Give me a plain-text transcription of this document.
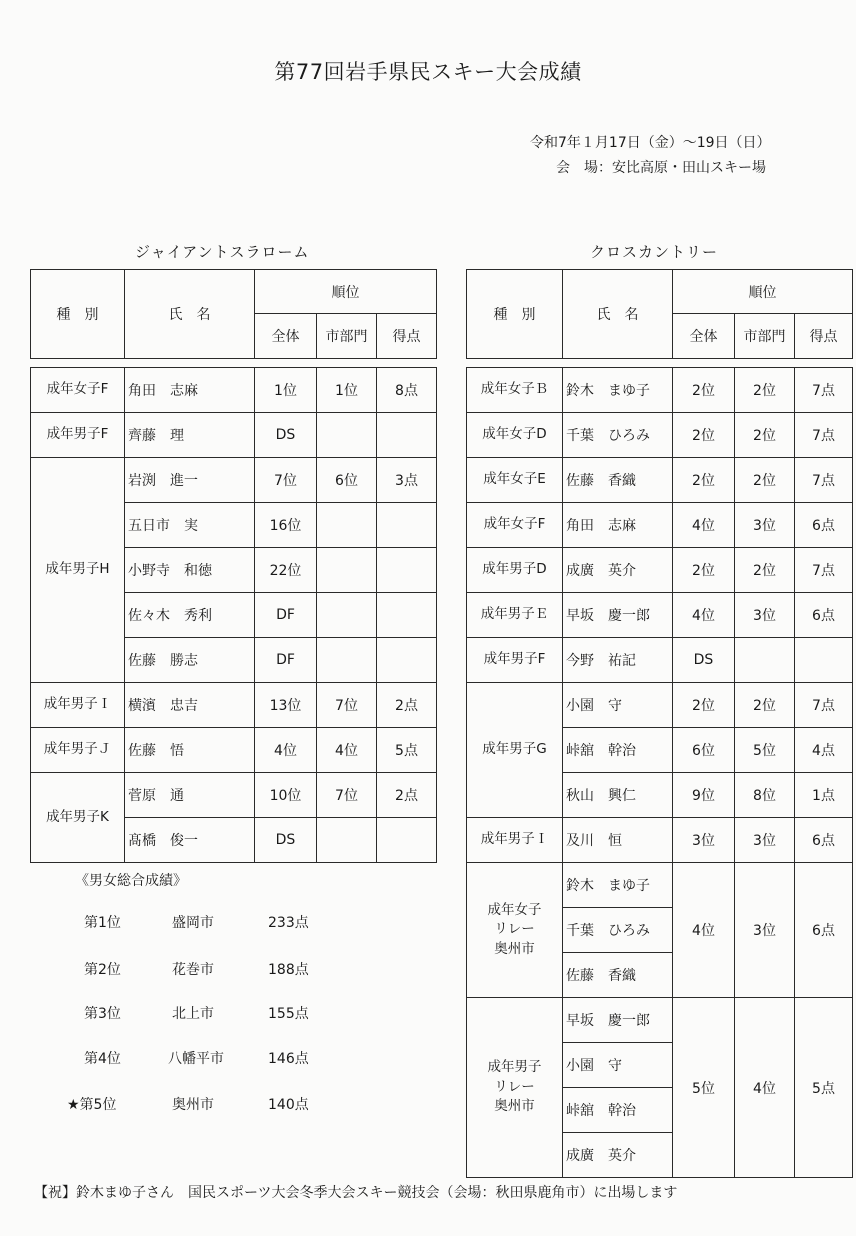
第77回岩手県民スキー大会成績
令和7年１月17日（金）～19日（日）
会　場：安比高原・田山スキー場
ジャイアントスラローム
種　別	氏　名	順位		
		全体	市部門	得点

成年女子F	角田　志麻	1位	1位	8点
成年男子F	齊藤　理	DS		
成年男子H	岩渕　進一	7位	6位	3点
	五日市　実	16位		
	小野寺　和徳	22位		
	佐々木　秀利	DF		
	佐藤　勝志	DF		
成年男子Ｉ	横濱　忠吉	13位	7位	2点
成年男子Ｊ	佐藤　悟	4位	4位	5点
成年男子K	菅原　通	10位	7位	2点
	髙橋　俊一	DS		
クロスカントリー
種　別	氏　名	順位		
		全体	市部門	得点

成年女子Ｂ	鈴木　まゆ子	2位	2位	7点
成年女子D	千葉　ひろみ	2位	2位	7点
成年女子E	佐藤　香織	2位	2位	7点
成年女子F	角田　志麻	4位	3位	6点
成年男子D	成廣　英介	2位	2位	7点
成年男子Ｅ	早坂　慶一郎	4位	3位	6点
成年男子F	今野　祐記	DS		
成年男子G	小園　守	2位	2位	7点
	峠舘　幹治	6位	5位	4点
	秋山　興仁	9位	8位	1点
成年男子Ｉ	及川　恒	3位	3位	6点

成年女子
リレー
奥州市	鈴木　まゆ子	4位	3位	6点
	千葉　ひろみ			
	佐藤　香織			

成年男子
リレー
奥州市	早坂　慶一郎	5位	4位	5点
	小園　守			
	峠舘　幹治			
	成廣　英介			
《男女総合成績》
第1位	盛岡市	233点
第2位	花巻市	188点
第3位	北上市	155点
第4位	八幡平市	146点
★第5位	奥州市	140点
【祝】鈴木まゆ子さん　国民スポーツ大会冬季大会スキー競技会（会場：秋田県鹿角市）に出場します
